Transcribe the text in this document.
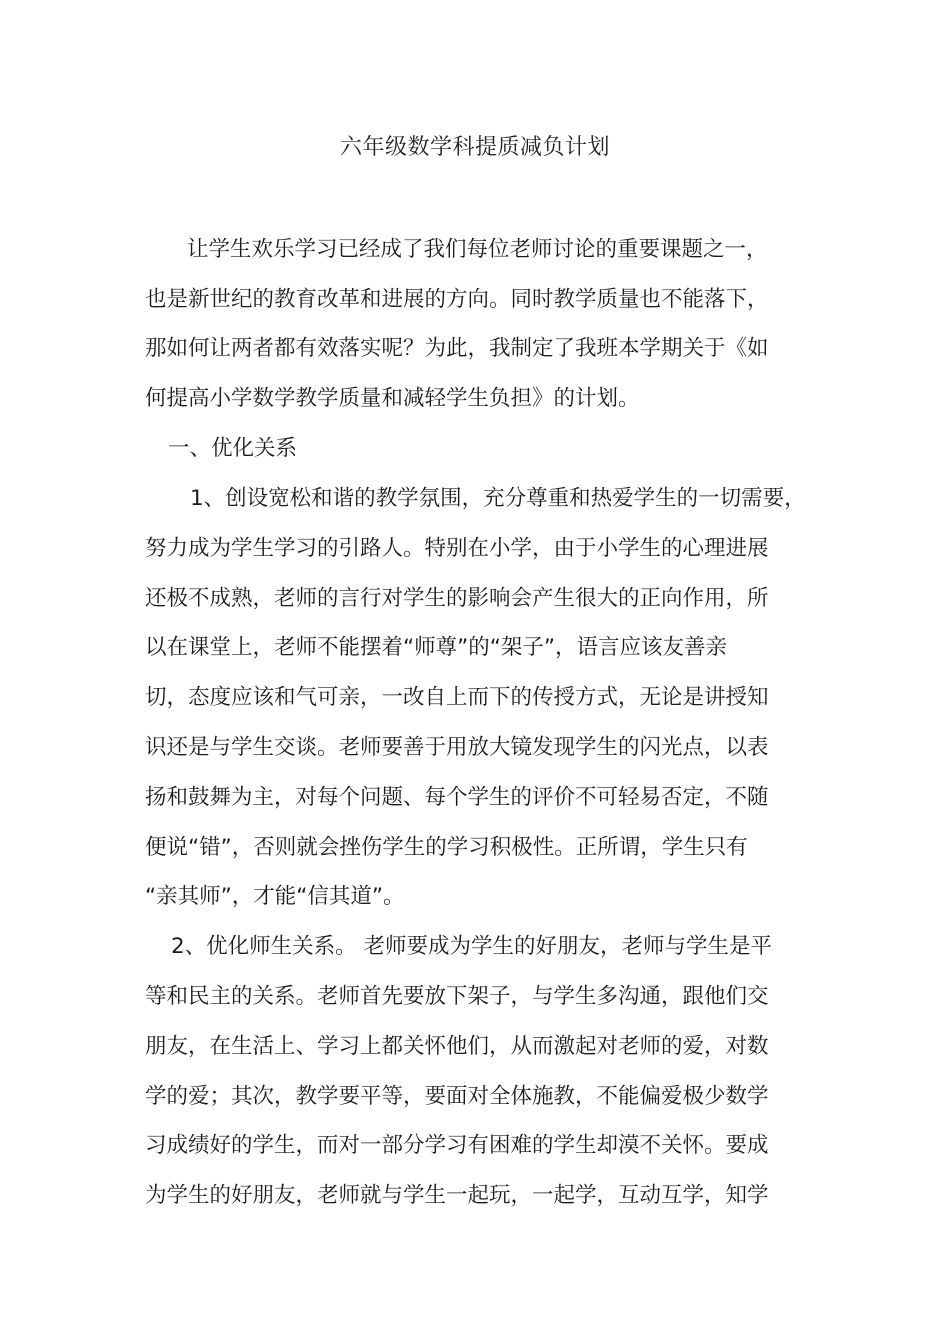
六年级数学科提质减负计划
让学生欢乐学习已经成了我们每位老师讨论的重要课题之一，
也是新世纪的教育改革和进展的方向。同时教学质量也不能落下，
那如何让两者都有效落实呢？为此，我制定了我班本学期关于《如
何提高小学数学教学质量和减轻学生负担》的计划。
一、优化关系
1、创设宽松和谐的教学氛围，充分尊重和热爱学生的一切需要，
努力成为学生学习的引路人。特别在小学，由于小学生的心理进展
还极不成熟，老师的言行对学生的影响会产生很大的正向作用，所
以在课堂上，老师不能摆着“师尊”的“架子”，语言应该友善亲
切，态度应该和气可亲，一改自上而下的传授方式，无论是讲授知
识还是与学生交谈。老师要善于用放大镜发现学生的闪光点，以表
扬和鼓舞为主，对每个问题、每个学生的评价不可轻易否定，不随
便说“错”，否则就会挫伤学生的学习积极性。正所谓，学生只有
“亲其师”，才能“信其道”。
2、优化师生关系。 老师要成为学生的好朋友，老师与学生是平
等和民主的关系。老师首先要放下架子，与学生多沟通，跟他们交
朋友，在生活上、学习上都关怀他们，从而激起对老师的爱，对数
学的爱；其次，教学要平等，要面对全体施教，不能偏爱极少数学
习成绩好的学生，而对一部分学习有困难的学生却漠不关怀。要成
为学生的好朋友，老师就与学生一起玩，一起学，互动互学，知学
